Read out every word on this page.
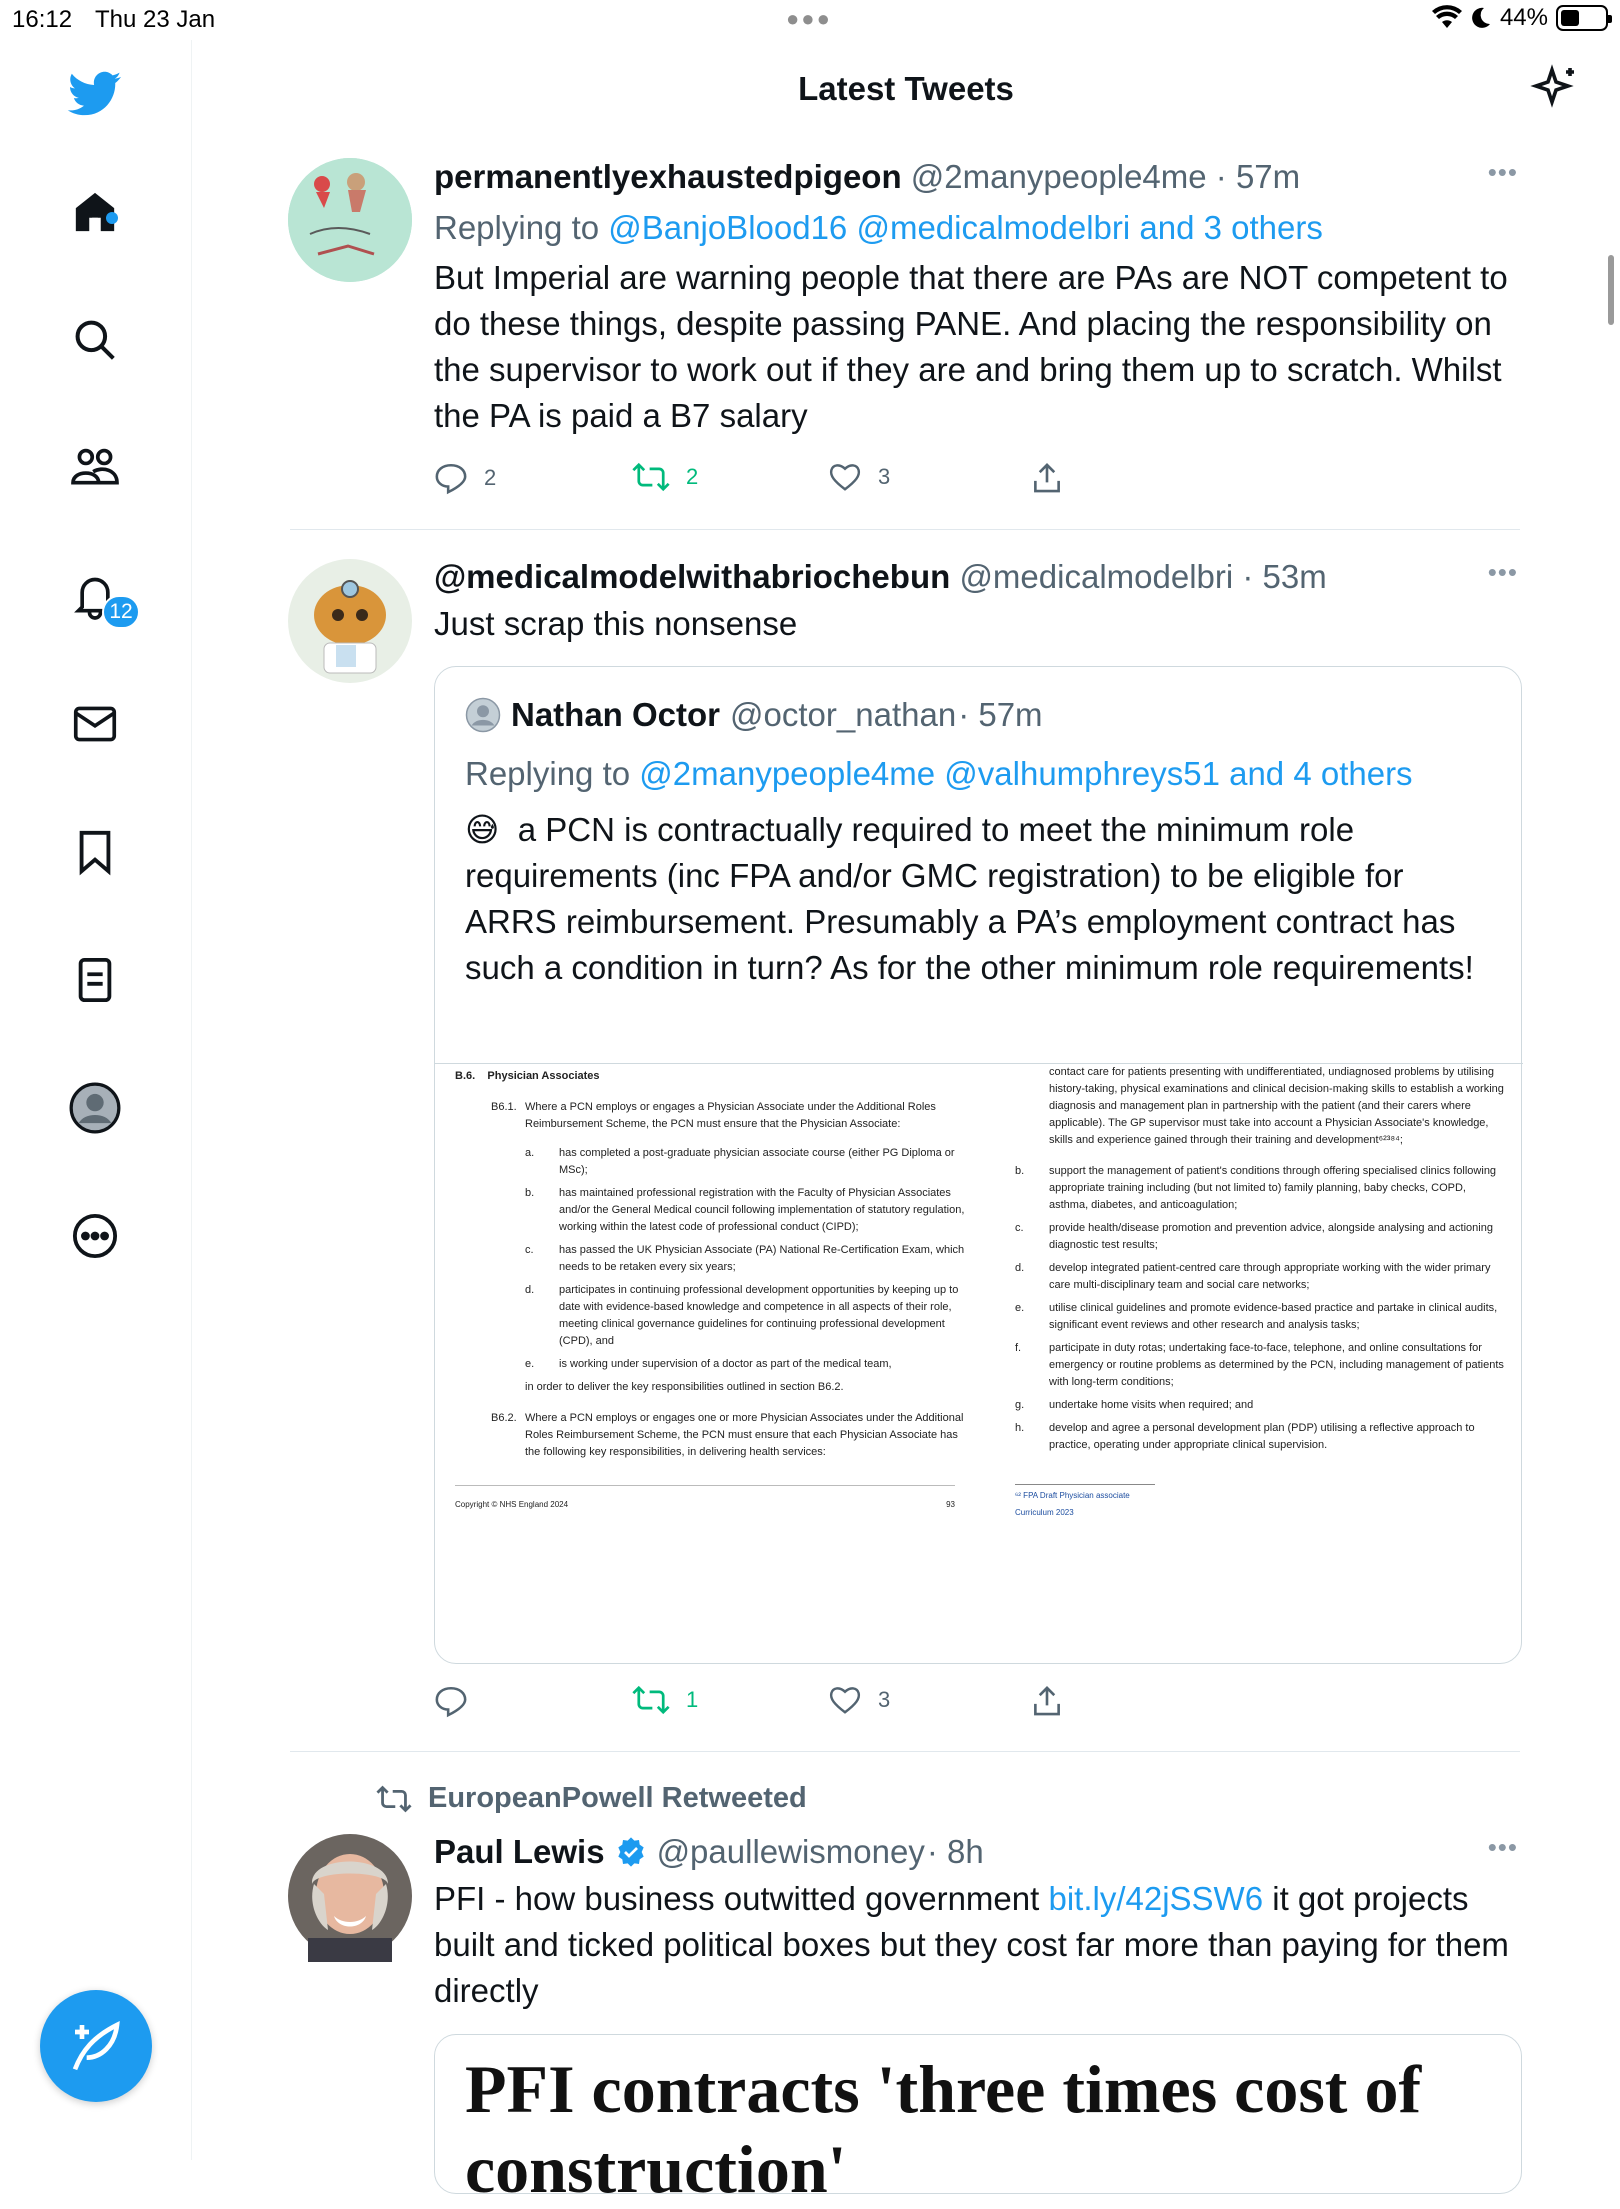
16:12 Thu 23 Jan	●●●	44%
12
Latest Tweets
permanentlyexhaustedpigeon @2manypeople4me · 57m	•••
Replying to @BanjoBlood16 @medicalmodelbri and 3 others
But Imperial are warning people that there are PAs are NOT competent to do these things, despite passing PANE. And placing the responsibility on the supervisor to work out if they are and bring them up to scratch. Whilst the PA is paid a B7 salary
2	2	3
@medicalmodelwithabriochebun @medicalmodelbri · 53m	•••
Just scrap this nonsense
Nathan Octor @octor_nathan · 57m
Replying to @2manypeople4me @valhumphreys51 and 4 others
😅 a PCN is contractually required to meet the minimum role requirements (inc FPA and/or GMC registration) to be eligible for ARRS reimbursement. Presumably a PA’s employment contract has such a condition in turn? As for the other minimum role requirements!
B.6. Physician Associates
B6.1. Where a PCN employs or engages a Physician Associate under the Additional Roles Reimbursement Scheme, the PCN must ensure that the Physician Associate:
a.	has completed a post-graduate physician associate course (either PG Diploma or MSc);
b.	has maintained professional registration with the Faculty of Physician Associates and/or the General Medical council following implementation of statutory regulation, working within the latest code of professional conduct (CIPD);
c.	has passed the UK Physician Associate (PA) National Re-Certification Exam, which needs to be retaken every six years;
d.	participates in continuing professional development opportunities by keeping up to date with evidence-based knowledge and competence in all aspects of their role, meeting clinical governance guidelines for continuing professional development (CPD), and
e.	is working under supervision of a doctor as part of the medical team,
in order to deliver the key responsibilities outlined in section B6.2.
B6.2. Where a PCN employs or engages one or more Physician Associates under the Additional Roles Reimbursement Scheme, the PCN must ensure that each Physician Associate has the following key responsibilities, in delivering health services:
Copyright © NHS England 2024	93
contact care for patients presenting with undifferentiated, undiagnosed problems by utilising history-taking, physical examinations and clinical decision-making skills to establish a working diagnosis and management plan in partnership with the patient (and their carers where applicable). The GP supervisor must take into account a Physician Associate's knowledge, skills and experience gained through their training and development⁶²³⁸⁴;
b.	support the management of patient's conditions through offering specialised clinics following appropriate training including (but not limited to) family planning, baby checks, COPD, asthma, diabetes, and anticoagulation;
c.	provide health/disease promotion and prevention advice, alongside analysing and actioning diagnostic test results;
d.	develop integrated patient-centred care through appropriate working with the wider primary care multi-disciplinary team and social care networks;
e.	utilise clinical guidelines and promote evidence-based practice and partake in clinical audits, significant event reviews and other research and analysis tasks;
f.	participate in duty rotas; undertaking face-to-face, telephone, and online consultations for emergency or routine problems as determined by the PCN, including management of patients with long-term conditions;
g.	undertake home visits when required; and
h.	develop and agree a personal development plan (PDP) utilising a reflective approach to practice, operating under appropriate clinical supervision.
⁶² FPA Draft Physician associate Curriculum 2023
1	3
EuropeanPowell Retweeted
Paul Lewis @paullewismoney · 8h	•••
PFI - how business outwitted government bit.ly/42jSSW6 it got projects built and ticked political boxes but they cost far more than paying for them directly
PFI contracts 'three times cost of construction'
